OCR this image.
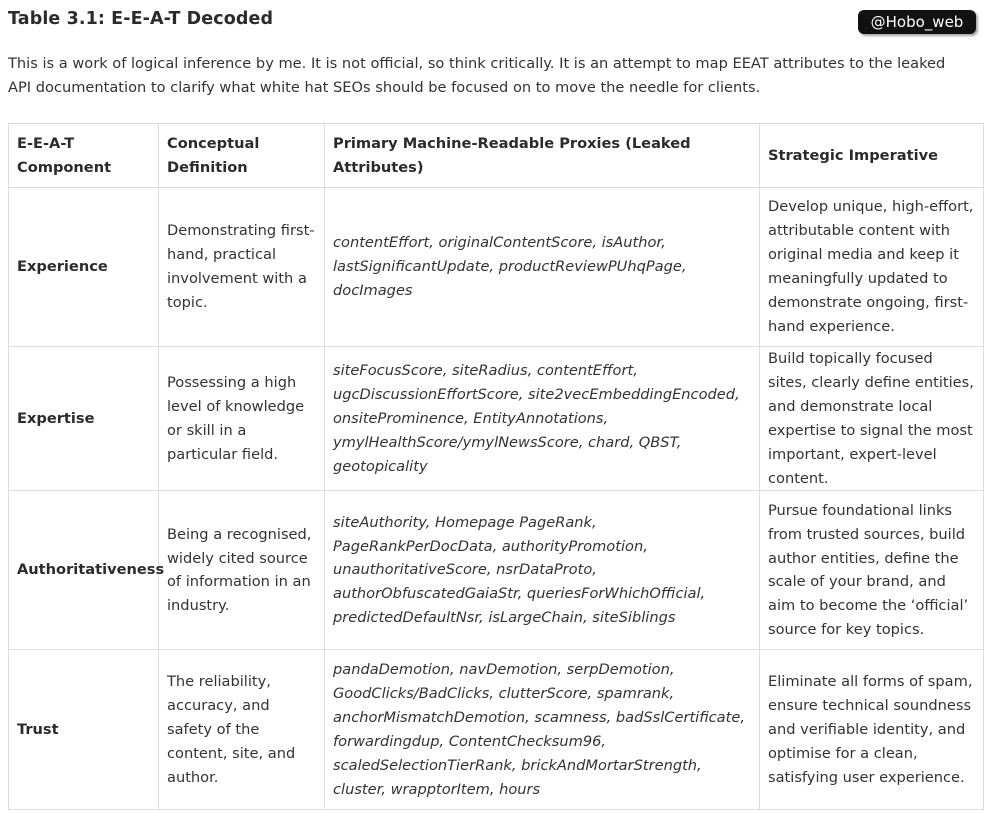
Table 3.1: E-E-A-T Decoded	@Hobo_web
This is a work of logical inference by me. It is not official, so think critically. It is an attempt to map EEAT attributes to the leaked API documentation to clarify what white hat SEOs should be focused on to move the needle for clients.
E-E-A-T Component	Conceptual Definition	Primary Machine-Readable Proxies (Leaked Attributes)	Strategic Imperative
Experience	Demonstrating first-hand, practical involvement with a topic.	contentEffort, originalContentScore, isAuthor, lastSignificantUpdate, productReviewPUhqPage, docImages	Develop unique, high-effort, attributable content with original media and keep it meaningfully updated to demonstrate ongoing, first-hand experience.
Expertise	Possessing a high level of knowledge or skill in a particular field.	siteFocusScore, siteRadius, contentEffort, ugcDiscussionEffortScore, site2vecEmbeddingEncoded, onsiteProminence, EntityAnnotations, ymylHealthScore/ymylNewsScore, chard, QBST, geotopicality	Build topically focused sites, clearly define entities, and demonstrate local expertise to signal the most important, expert-level content.
Authoritativeness	Being a recognised, widely cited source of information in an industry.	siteAuthority, Homepage PageRank, PageRankPerDocData, authorityPromotion, unauthoritativeScore, nsrDataProto, authorObfuscatedGaiaStr, queriesForWhichOfficial, predictedDefaultNsr, isLargeChain, siteSiblings	Pursue foundational links from trusted sources, build author entities, define the scale of your brand, and aim to become the ‘official’ source for key topics.
Trust	The reliability, accuracy, and safety of the content, site, and author.	pandaDemotion, navDemotion, serpDemotion, GoodClicks/BadClicks, clutterScore, spamrank, anchorMismatchDemotion, scamness, badSslCertificate, forwardingdup, ContentChecksum96, scaledSelectionTierRank, brickAndMortarStrength, cluster, wrapptorItem, hours	Eliminate all forms of spam, ensure technical soundness and verifiable identity, and optimise for a clean, satisfying user experience.
